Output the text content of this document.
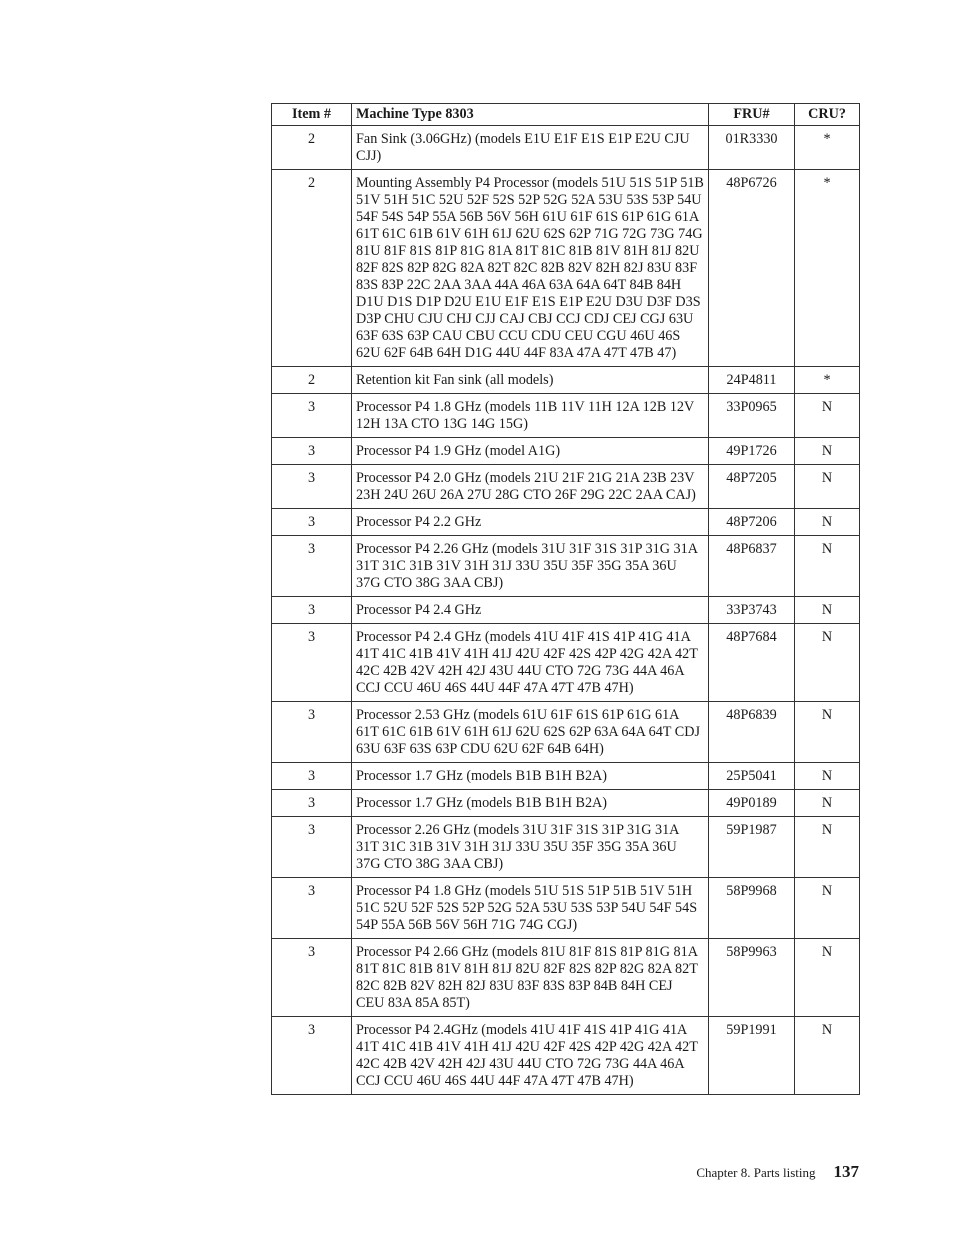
Item #	Machine Type 8303	FRU#	CRU?
2	Fan Sink (3.06GHz) (models E1U E1F E1S E1P E2U CJU CJJ)	01R3330	*
2	Mounting Assembly P4 Processor (models 51U 51S 51P 51B 51V 51H 51C 52U 52F 52S 52P 52G 52A 53U 53S 53P 54U 54F 54S 54P 55A 56B 56V 56H 61U 61F 61S 61P 61G 61A 61T 61C 61B 61V 61H 61J 62U 62S 62P 71G 72G 73G 74G 81U 81F 81S 81P 81G 81A 81T 81C 81B 81V 81H 81J 82U 82F 82S 82P 82G 82A 82T 82C 82B 82V 82H 82J 83U 83F 83S 83P 22C 2AA 3AA 44A 46A 63A 64A 64T 84B 84H D1U D1S D1P D2U E1U E1F E1S E1P E2U D3U D3F D3S D3P CHU CJU CHJ CJJ CAJ CBJ CCJ CDJ CEJ CGJ 63U 63F 63S 63P CAU CBU CCU CDU CEU CGU 46U 46S 62U 62F 64B 64H D1G 44U 44F 83A 47A 47T 47B 47)	48P6726	*
2	Retention kit Fan sink (all models)	24P4811	*
3	Processor P4 1.8 GHz (models 11B 11V 11H 12A 12B 12V 12H 13A CTO 13G 14G 15G)	33P0965	N
3	Processor P4 1.9 GHz (model A1G)	49P1726	N
3	Processor P4 2.0 GHz (models 21U 21F 21G 21A 23B 23V 23H 24U 26U 26A 27U 28G CTO 26F 29G 22C 2AA CAJ)	48P7205	N
3	Processor P4 2.2 GHz	48P7206	N
3	Processor P4 2.26 GHz (models 31U 31F 31S 31P 31G 31A 31T 31C 31B 31V 31H 31J 33U 35U 35F 35G 35A 36U 37G CTO 38G 3AA CBJ)	48P6837	N
3	Processor P4 2.4 GHz	33P3743	N
3	Processor P4 2.4 GHz (models 41U 41F 41S 41P 41G 41A 41T 41C 41B 41V 41H 41J 42U 42F 42S 42P 42G 42A 42T 42C 42B 42V 42H 42J 43U 44U CTO 72G 73G 44A 46A CCJ CCU 46U 46S 44U 44F 47A 47T 47B 47H)	48P7684	N
3	Processor 2.53 GHz (models 61U 61F 61S 61P 61G 61A 61T 61C 61B 61V 61H 61J 62U 62S 62P 63A 64A 64T CDJ 63U 63F 63S 63P CDU 62U 62F 64B 64H)	48P6839	N
3	Processor 1.7 GHz (models B1B B1H B2A)	25P5041	N
3	Processor 1.7 GHz (models B1B B1H B2A)	49P0189	N
3	Processor 2.26 GHz (models 31U 31F 31S 31P 31G 31A 31T 31C 31B 31V 31H 31J 33U 35U 35F 35G 35A 36U 37G CTO 38G 3AA CBJ)	59P1987	N
3	Processor P4 1.8 GHz (models 51U 51S 51P 51B 51V 51H 51C 52U 52F 52S 52P 52G 52A 53U 53S 53P 54U 54F 54S 54P 55A 56B 56V 56H 71G 74G CGJ)	58P9968	N
3	Processor P4 2.66 GHz (models 81U 81F 81S 81P 81G 81A 81T 81C 81B 81V 81H 81J 82U 82F 82S 82P 82G 82A 82T 82C 82B 82V 82H 82J 83U 83F 83S 83P 84B 84H CEJ CEU 83A 85A 85T)	58P9963	N
3	Processor P4 2.4GHz (models 41U 41F 41S 41P 41G 41A 41T 41C 41B 41V 41H 41J 42U 42F 42S 42P 42G 42A 42T 42C 42B 42V 42H 42J 43U 44U CTO 72G 73G 44A 46A CCJ CCU 46U 46S 44U 44F 47A 47T 47B 47H)	59P1991	N
Chapter 8. Parts listing 137
